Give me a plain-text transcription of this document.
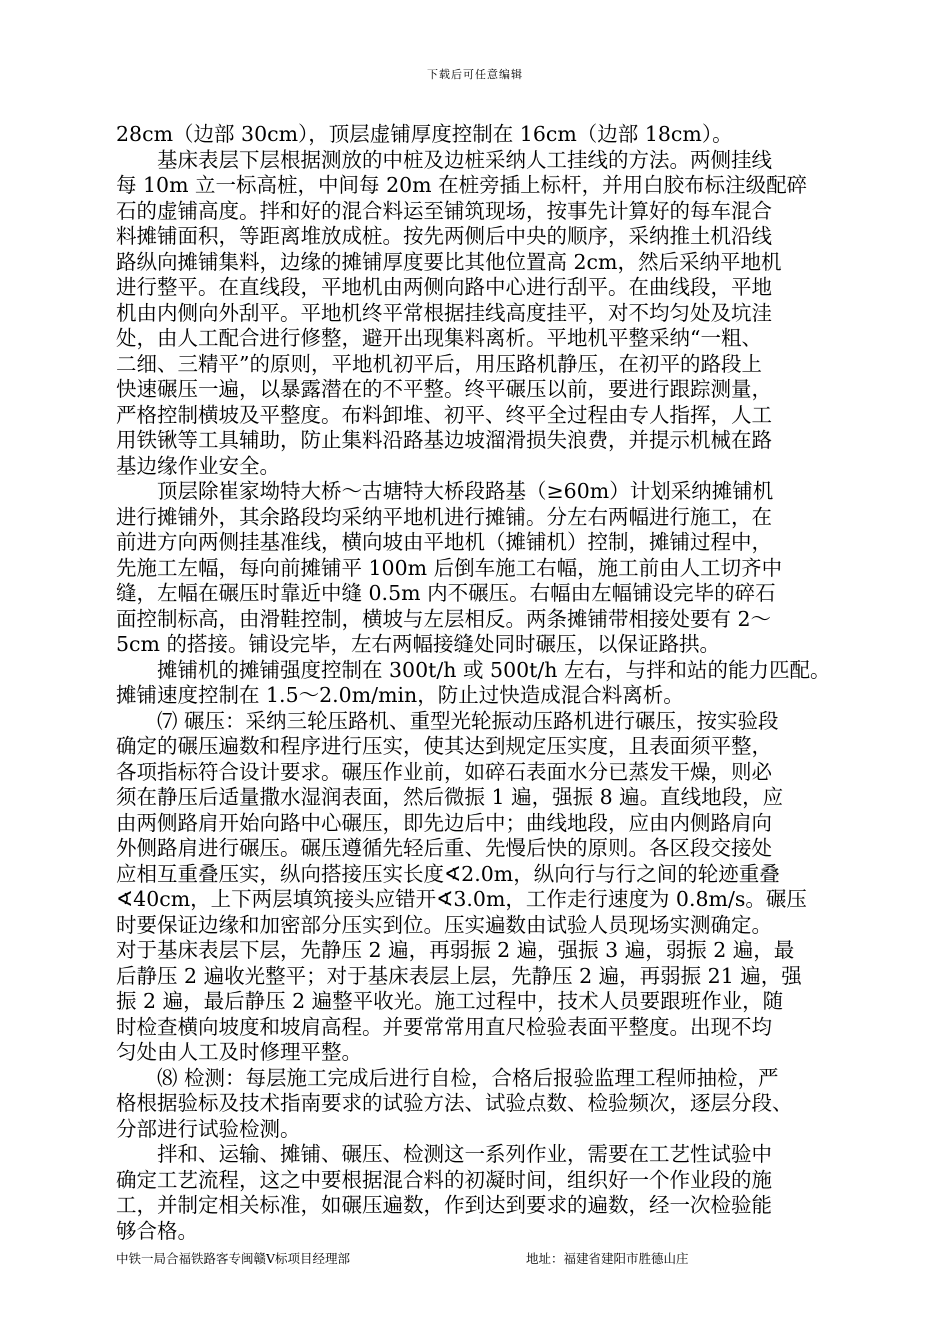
下载后可任意编辑
28cm（边部 30cm），顶层虚铺厚度控制在 16cm（边部 18cm）。
　　基床表层下层根据测放的中桩及边桩采纳人工挂线的方法。两侧挂线
每 10m 立一标高桩，中间每 20m 在桩旁插上标杆，并用白胶布标注级配碎
石的虚铺高度。拌和好的混合料运至铺筑现场，按事先计算好的每车混合
料摊铺面积，等距离堆放成桩。按先两侧后中央的顺序，采纳推土机沿线
路纵向摊铺集料，边缘的摊铺厚度要比其他位置高 2cm，然后采纳平地机
进行整平。在直线段，平地机由两侧向路中心进行刮平。在曲线段，平地
机由内侧向外刮平。平地机终平常根据挂线高度挂平，对不均匀处及坑洼
处，由人工配合进行修整，避开出现集料离析。平地机平整采纳“一粗、
二细、三精平”的原则，平地机初平后，用压路机静压，在初平的路段上
快速碾压一遍，以暴露潜在的不平整。终平碾压以前，要进行跟踪测量，
严格控制横坡及平整度。布料卸堆、初平、终平全过程由专人指挥，人工
用铁锹等工具辅助，防止集料沿路基边坡溜滑损失浪费，并提示机械在路
基边缘作业安全。
　　顶层除崔家坳特大桥～古塘特大桥段路基（≥60m）计划采纳摊铺机
进行摊铺外，其余路段均采纳平地机进行摊铺。分左右两幅进行施工，在
前进方向两侧挂基准线，横向坡由平地机（摊铺机）控制，摊铺过程中，
先施工左幅，每向前摊铺平 100m 后倒车施工右幅，施工前由人工切齐中
缝，左幅在碾压时靠近中缝 0.5m 内不碾压。右幅由左幅铺设完毕的碎石
面控制标高，由滑鞋控制，横坡与左层相反。两条摊铺带相接处要有 2～
5cm 的搭接。铺设完毕，左右两幅接缝处同时碾压，以保证路拱。
　　摊铺机的摊铺强度控制在 300t/h 或 500t/h 左右，与拌和站的能力匹配。
摊铺速度控制在 1.5～2.0m/min，防止过快造成混合料离析。
　　⑺ 碾压：采纳三轮压路机、重型光轮振动压路机进行碾压，按实验段
确定的碾压遍数和程序进行压实，使其达到规定压实度，且表面须平整，
各项指标符合设计要求。碾压作业前，如碎石表面水分已蒸发干燥，则必
须在静压后适量撒水湿润表面，然后微振 1 遍，强振 8 遍。直线地段，应
由两侧路肩开始向路中心碾压，即先边后中；曲线地段，应由内侧路肩向
外侧路肩进行碾压。碾压遵循先轻后重、先慢后快的原则。各区段交接处
应相互重叠压实，纵向搭接压实长度∢2.0m，纵向行与行之间的轮迹重叠
∢40cm，上下两层填筑接头应错开∢3.0m，工作走行速度为 0.8m/s。碾压
时要保证边缘和加密部分压实到位。压实遍数由试验人员现场实测确定。
对于基床表层下层，先静压 2 遍，再弱振 2 遍，强振 3 遍，弱振 2 遍，最
后静压 2 遍收光整平；对于基床表层上层，先静压 2 遍，再弱振 21 遍，强
振 2 遍，最后静压 2 遍整平收光。施工过程中，技术人员要跟班作业，随
时检查横向坡度和坡肩高程。并要常常用直尺检验表面平整度。出现不均
匀处由人工及时修理平整。
　　⑻ 检测：每层施工完成后进行自检，合格后报验监理工程师抽检，严
格根据验标及技术指南要求的试验方法、试验点数、检验频次，逐层分段、
分部进行试验检测。
　　拌和、运输、摊铺、碾压、检测这一系列作业，需要在工艺性试验中
确定工艺流程，这之中要根据混合料的初凝时间，组织好一个作业段的施
工，并制定相关标准，如碾压遍数，作到达到要求的遍数，经一次检验能
够合格。
中铁一局合福铁路客专闽赣Ⅴ标项目经理部	地址：福建省建阳市胜德山庄
